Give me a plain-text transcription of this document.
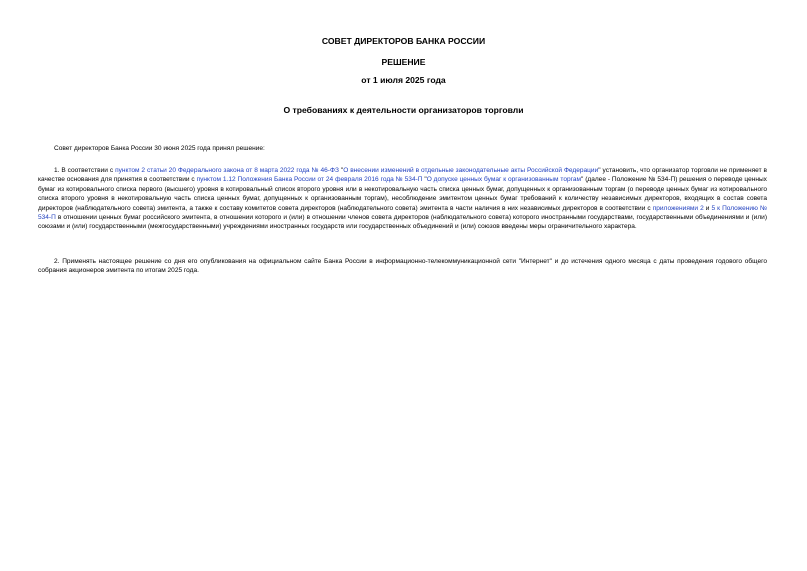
СОВЕТ ДИРЕКТОРОВ БАНКА РОССИИ
РЕШЕНИЕ
от 1 июля 2025 года
О требованиях к деятельности организаторов торговли

Совет директоров Банка России 30 июня 2025 года принял решение:

1. В соответствии с пунктом 2 статьи 20 Федерального закона от 8 марта 2022 года № 46-ФЗ "О внесении изменений в отдельные законодательные акты Российской Федерации" установить, что организатор торговли не применяет в качестве основания для принятия в соответствии с пунктом 1.12 Положения Банка России от 24 февраля 2016 года № 534-П "О допуске ценных бумаг к организованным торгам" (далее - Положение № 534-П) решения о переводе ценных бумаг из котировального списка первого (высшего) уровня в котировальный список второго уровня или в некотировальную часть списка ценных бумаг, допущенных к организованным торгам (о переводе ценных бумаг из котировального списка второго уровня в некотировальную часть списка ценных бумаг, допущенных к организованным торгам), несоблюдение эмитентом ценных бумаг требований к количеству независимых директоров, входящих в состав совета директоров (наблюдательного совета) эмитента, а также к составу комитетов совета директоров (наблюдательного совета) эмитента в части наличия в них независимых директоров в соответствии с приложениями 2 и 5 к Положению № 534-П в отношении ценных бумаг российского эмитента, в отношении которого и (или) в отношении членов совета директоров (наблюдательного совета) которого иностранными государствами, государственными объединениями и (или) союзами и (или) государственными (межгосударственными) учреждениями иностранных государств или государственных объединений и (или) союзов введены меры ограничительного характера.

2. Применять настоящее решение со дня его опубликования на официальном сайте Банка России в информационно-телекоммуникационной сети "Интернет" и до истечения одного месяца с даты проведения годового общего собрания акционеров эмитента по итогам 2025 года.
